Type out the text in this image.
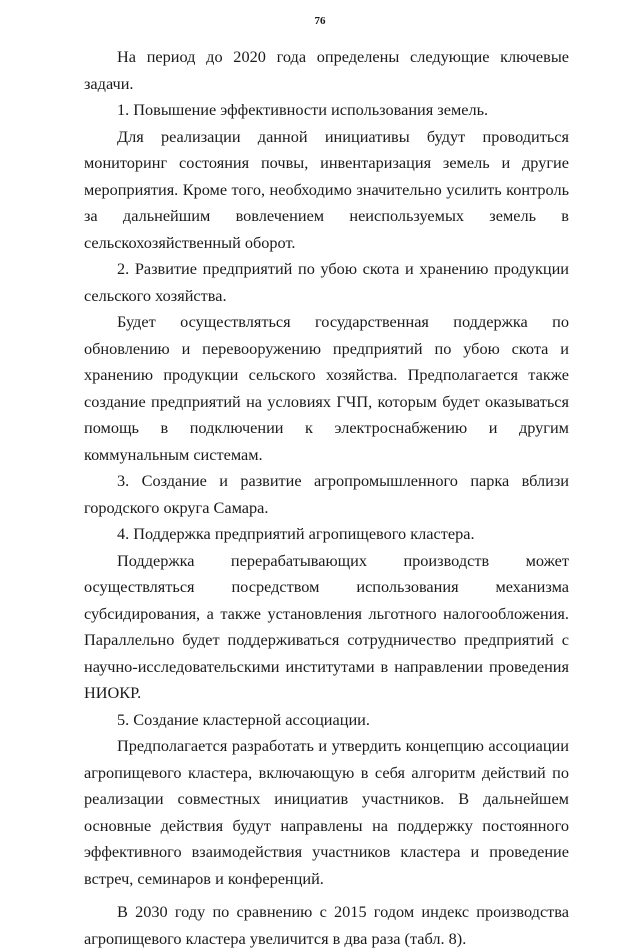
76

На период до 2020 года определены следующие ключевые задачи.

1. Повышение эффективности использования земель.

Для реализации данной инициативы будут проводиться мониторинг состояния почвы, инвентаризация земель и другие мероприятия. Кроме того, необходимо значительно усилить контроль за дальнейшим вовлечением неиспользуемых земель в сельскохозяйственный оборот.

2. Развитие предприятий по убою скота и хранению продукции сельского хозяйства.

Будет осуществляться государственная поддержка по обновлению и перевооружению предприятий по убою скота и хранению продукции сельского хозяйства. Предполагается также создание предприятий на условиях ГЧП, которым будет оказываться помощь в подключении к электроснабжению и другим коммунальным системам.

3. Создание и развитие агропромышленного парка вблизи городского округа Самара.

4. Поддержка предприятий агропищевого кластера.

Поддержка перерабатывающих производств может осуществляться посредством использования механизма субсидирования, а также установления льготного налогообложения. Параллельно будет поддерживаться сотрудничество предприятий с научно-исследовательскими институтами в направлении проведения НИОКР.

5. Создание кластерной ассоциации.

Предполагается разработать и утвердить концепцию ассоциации агропищевого кластера, включающую в себя алгоритм действий по реализации совместных инициатив участников. В дальнейшем основные действия будут направлены на поддержку постоянного эффективного взаимодействия участников кластера и проведение встреч, семинаров и конференций.

В 2030 году по сравнению с 2015 годом индекс производства агропищевого кластера увеличится в два раза (табл. 8).
